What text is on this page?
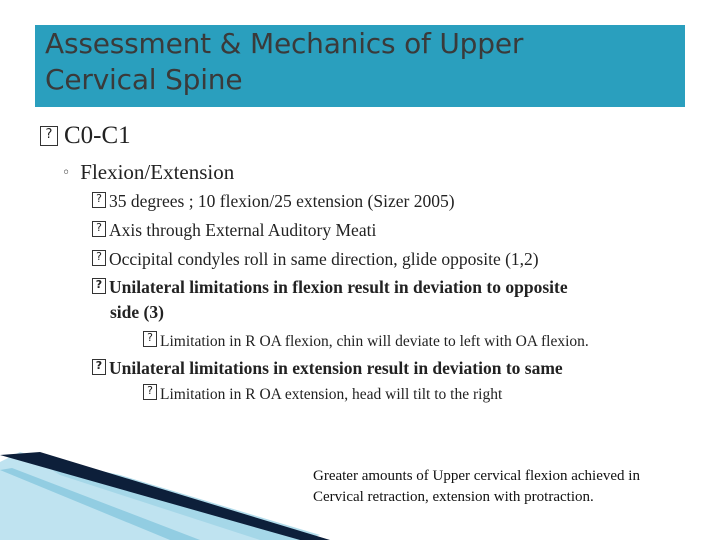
Assessment & Mechanics of Upper
Cervical Spine
?C0-C1
◦ Flexion/Extension
?35 degrees ; 10 flexion/25 extension (Sizer 2005)
?Axis through External Auditory Meati
?Occipital condyles roll in same direction, glide opposite (1,2)
?Unilateral limitations in flexion result in deviation to opposite
side (3)
?Limitation in R OA flexion, chin will deviate to left with OA flexion.
?Unilateral limitations in extension result in deviation to same
?Limitation in R OA extension, head will tilt to the right
Greater amounts of Upper cervical flexion achieved in Cervical retraction, extension with protraction.
